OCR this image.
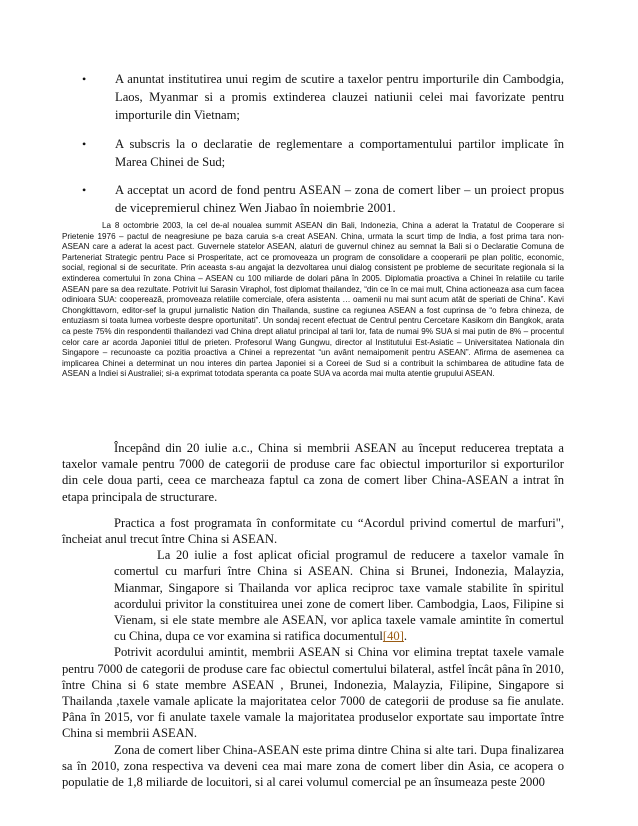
• A anuntat institutirea unui regim de scutire a taxelor pentru importurile din Cambodgia, Laos, Myanmar si a promis extinderea clauzei natiunii celei mai favorizate pentru importurile din Vietnam;
• A subscris la o declaratie de reglementare a comportamentului partilor implicate în Marea Chinei de Sud;
• A acceptat un acord de fond pentru ASEAN – zona de comert liber – un proiect propus de vicepremierul chinez Wen Jiabao în noiembrie 2001.

La 8 octombrie 2003, la cel de-al noualea summit ASEAN din Bali, Indonezia, China a aderat la Tratatul de Cooperare si Prietenie 1976 – pactul de neagresiune pe baza caruia s-a creat ASEAN. China, urmata la scurt timp de India, a fost prima tara non-ASEAN care a aderat la acest pact. Guvernele statelor ASEAN, alaturi de guvernul chinez au semnat la Bali si o Declaratie Comuna de Parteneriat Strategic pentru Pace si Prosperitate, act ce promoveaza un program de consolidare a cooperarii pe plan politic, economic, social, regional si de securitate. Prin aceasta s-au angajat la dezvoltarea unui dialog consistent pe probleme de securitate regionala si la extinderea comertului în zona China – ASEAN cu 100 miliarde de dolari pâna în 2005. Diplomatia proactiva a Chinei în relatiile cu tarile ASEAN pare sa dea rezultate. Potrivit lui Sarasin Viraphol, fost diplomat thailandez, “din ce în ce mai mult, China actioneaza asa cum facea odinioara SUA: cooperează, promoveaza relatiile comerciale, ofera asistenta … oamenii nu mai sunt acum atât de speriati de China”. Kavi Chongkittavorn, editor-sef la grupul jurnalistic Nation din Thailanda, sustine ca regiunea ASEAN a fost cuprinsa de “o febra chineza, de entuziasm si toata lumea vorbeste despre oportunitati”. Un sondaj recent efectuat de Centrul pentru Cercetare Kasikorn din Bangkok, arata ca peste 75% din respondentii thailandezi vad China drept aliatul principal al tarii lor, fata de numai 9% SUA si mai putin de 8% – procentul celor care ar acorda Japoniei titlul de prieten. Profesorul Wang Gungwu, director al Institutului Est-Asiatic – Universitatea Nationala din Singapore – recunoaste ca pozitia proactiva a Chinei a reprezentat “un avânt nemaipomenit pentru ASEAN”. Afirma de asemenea ca implicarea Chinei a determinat un nou interes din partea Japoniei si a Coreei de Sud si a contribuit la schimbarea de atitudine fata de ASEAN a Indiei si Australiei; si-a exprimat totodata speranta ca poate SUA va acorda mai multa atentie grupului ASEAN.

Începând din 20 iulie a.c., China si membrii ASEAN au început reducerea treptata a taxelor vamale pentru 7000 de categorii de produse care fac obiectul importurilor si exporturilor din cele doua parti, ceea ce marcheaza faptul ca zona de comert liber China-ASEAN a intrat în etapa principala de structurare.

Practica a fost programata în conformitate cu “Acordul privind comertul de marfuri", încheiat anul trecut între China si ASEAN.

La 20 iulie a fost aplicat oficial programul de reducere a taxelor vamale în comertul cu marfuri între China si ASEAN. China si Brunei, Indonezia, Malayzia, Mianmar, Singapore si Thailanda vor aplica reciproc taxe vamale stabilite în spiritul acordului privitor la constituirea unei zone de comert liber. Cambodgia, Laos, Filipine si Vienam, si ele state membre ale ASEAN, vor aplica taxele vamale amintite în comertul cu China, dupa ce vor examina si ratifica documentul[40].

Potrivit acordului amintit, membrii ASEAN si China vor elimina treptat taxele vamale pentru 7000 de categorii de produse care fac obiectul comertului bilateral, astfel încât pâna în 2010, între China si 6 state membre ASEAN , Brunei, Indonezia, Malayzia, Filipine, Singapore si Thailanda ,taxele vamale aplicate la majoritatea celor 7000 de categorii de produse sa fie anulate. Pâna în 2015, vor fi anulate taxele vamale la majoritatea produselor exportate sau importate între China si membrii ASEAN.

Zona de comert liber China-ASEAN este prima dintre China si alte tari. Dupa finalizarea sa în 2010, zona respectiva va deveni cea mai mare zona de comert liber din Asia, ce acopera o populatie de 1,8 miliarde de locuitori, si al carei volumul comercial pe an însumeaza peste 2000
